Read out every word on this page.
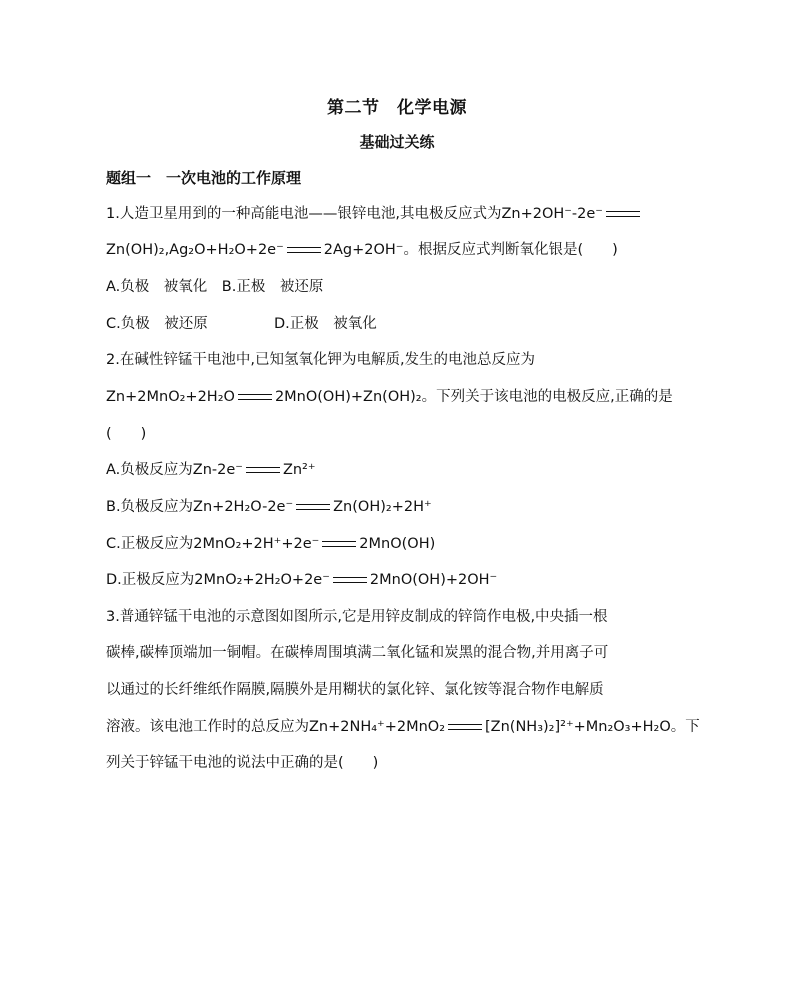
第二节　化学电源
基础过关练
题组一　一次电池的工作原理
1.人造卫星用到的一种高能电池——银锌电池,其电极反应式为Zn+2OH⁻-2e⁻
Zn(OH)₂,Ag₂O+H₂O+2e⁻	2Ag+2OH⁻。根据反应式判断氧化银是(　　)
A.负极　被氧化　B.正极　被还原
C.负极　被还原	D.正极　被氧化
2.在碱性锌锰干电池中,已知氢氧化钾为电解质,发生的电池总反应为
Zn+2MnO₂+2H₂O	2MnO(OH)+Zn(OH)₂。下列关于该电池的电极反应,正确的是
(　　)
A.负极反应为Zn-2e⁻	Zn²⁺
B.负极反应为Zn+2H₂O-2e⁻	Zn(OH)₂+2H⁺
C.正极反应为2MnO₂+2H⁺+2e⁻	2MnO(OH)
D.正极反应为2MnO₂+2H₂O+2e⁻	2MnO(OH)+2OH⁻
3.普通锌锰干电池的示意图如图所示,它是用锌皮制成的锌筒作电极,中央插一根
碳棒,碳棒顶端加一铜帽。在碳棒周围填满二氧化锰和炭黑的混合物,并用离子可
以通过的长纤维纸作隔膜,隔膜外是用糊状的氯化锌、氯化铵等混合物作电解质
溶液。该电池工作时的总反应为Zn+2NH₄⁺+2MnO₂	[Zn(NH₃)₂]²⁺+Mn₂O₃+H₂O。下
列关于锌锰干电池的说法中正确的是(　　)
